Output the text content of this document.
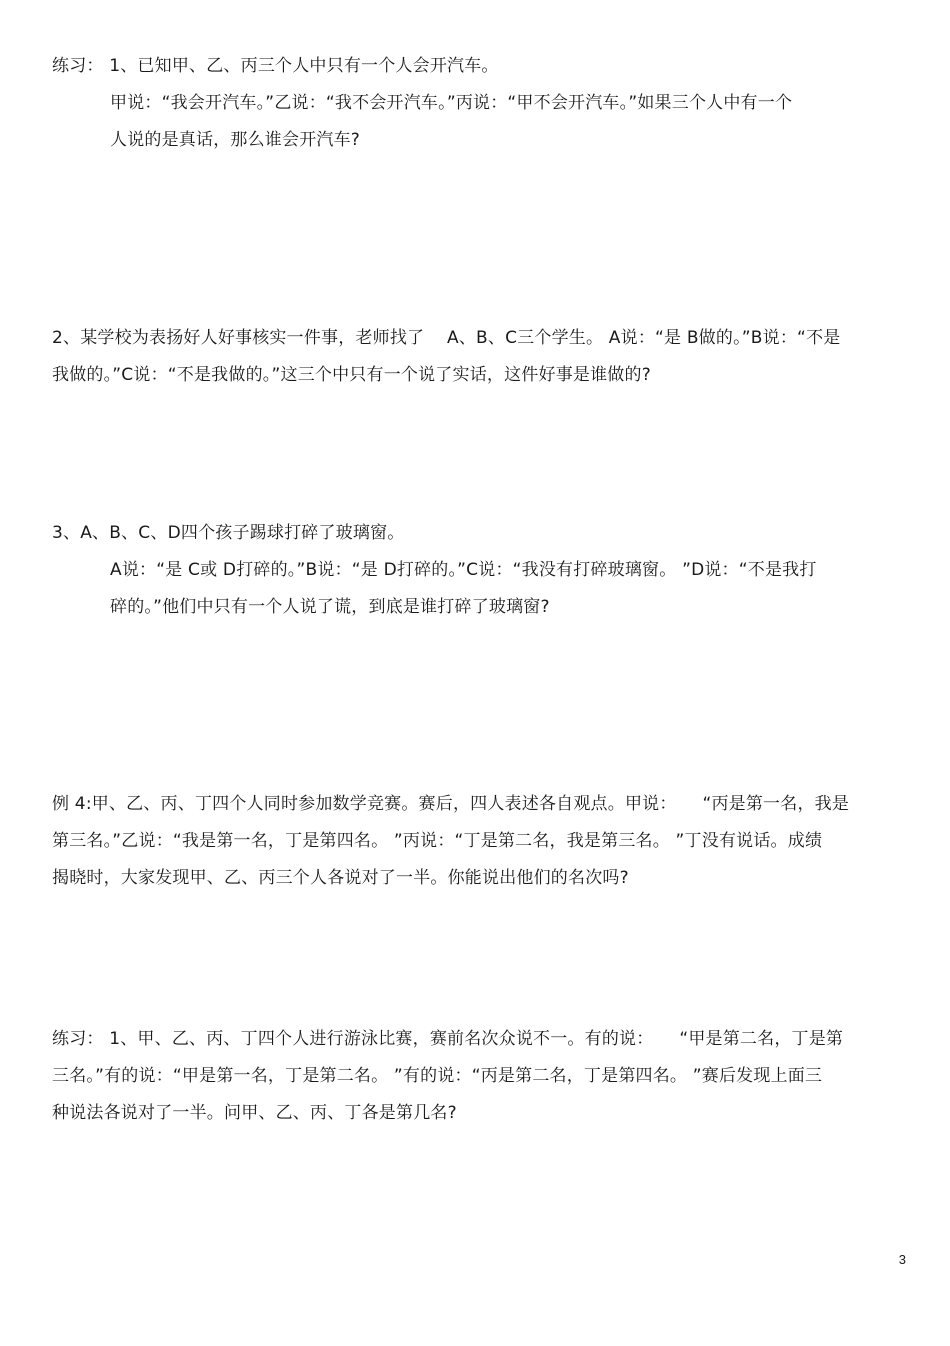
练习： 1、已知甲、乙、丙三个人中只有一个人会开汽车。
甲说：“我会开汽车。”乙说：“我不会开汽车。”丙说：“甲不会开汽车。”如果三个人中有一个
人说的是真话，那么谁会开汽车?
2、某学校为表扬好人好事核实一件事，老师找了　 A、B、C三个学生。 A说：“是 B做的。”B说：“不是
我做的。”C说：“不是我做的。”这三个中只有一个说了实话，这件好事是谁做的?
3、A、B、C、D四个孩子踢球打碎了玻璃窗。
A说：“是 C或 D打碎的。”B说：“是 D打碎的。”C说：“我没有打碎玻璃窗。 ”D说：“不是我打
碎的。”他们中只有一个人说了谎，到底是谁打碎了玻璃窗?
例 4:甲、乙、丙、丁四个人同时参加数学竞赛。赛后，四人表述各自观点。甲说：　　“丙是第一名，我是
第三名。”乙说：“我是第一名，丁是第四名。 ”丙说：“丁是第二名，我是第三名。 ”丁没有说话。成绩
揭晓时，大家发现甲、乙、丙三个人各说对了一半。你能说出他们的名次吗?
练习： 1、甲、乙、丙、丁四个人进行游泳比赛，赛前名次众说不一。有的说：　　“甲是第二名，丁是第
三名。”有的说：“甲是第一名，丁是第二名。 ”有的说：“丙是第二名，丁是第四名。 ”赛后发现上面三
种说法各说对了一半。问甲、乙、丙、丁各是第几名?
3
